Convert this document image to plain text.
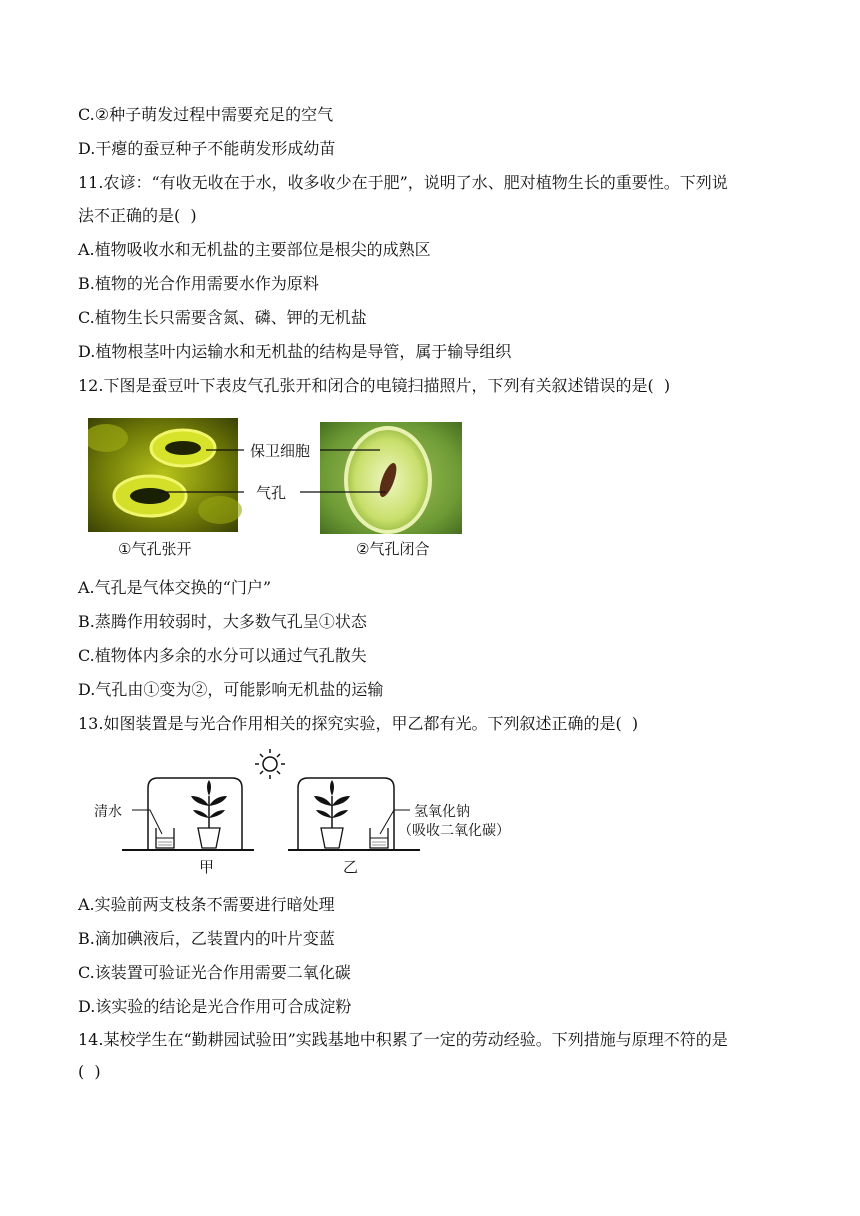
C.②种子萌发过程中需要充足的空气
D.干瘪的蚕豆种子不能萌发形成幼苗
11.农谚：“有收无收在于水，收多收少在于肥”，说明了水、肥对植物生长的重要性。下列说
法不正确的是(  )
A.植物吸收水和无机盐的主要部位是根尖的成熟区
B.植物的光合作用需要水作为原料
C.植物生长只需要含氮、磷、钾的无机盐
D.植物根茎叶内运输水和无机盐的结构是导管，属于输导组织
12.下图是蚕豆叶下表皮气孔张开和闭合的电镜扫描照片，下列有关叙述错误的是(  )
保卫细胞
气孔
①气孔张开	②气孔闭合
A.气孔是气体交换的“门户”
B.蒸腾作用较弱时，大多数气孔呈①状态
C.植物体内多余的水分可以通过气孔散失
D.气孔由①变为②，可能影响无机盐的运输
13.如图装置是与光合作用相关的探究实验，甲乙都有光。下列叙述正确的是(  )
清水	氢氧化钠
（吸收二氧化碳）
甲	乙
A.实验前两支枝条不需要进行暗处理
B.滴加碘液后，乙装置内的叶片变蓝
C.该装置可验证光合作用需要二氧化碳
D.该实验的结论是光合作用可合成淀粉
14.某校学生在“勤耕园试验田”实践基地中积累了一定的劳动经验。下列措施与原理不符的是
(  )
